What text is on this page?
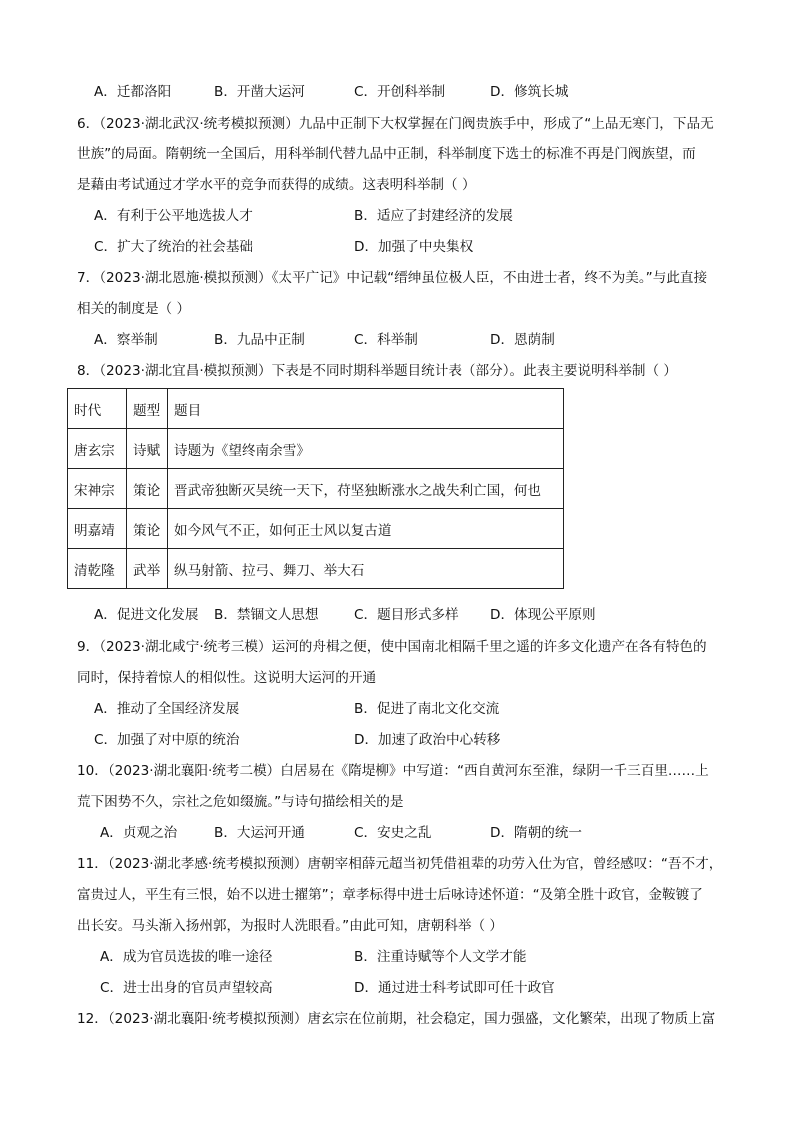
A．迁都洛阳	B．开凿大运河	C．开创科举制	D．修筑长城
6．（2023·湖北武汉·统考模拟预测）九品中正制下大权掌握在门阀贵族手中，形成了“上品无寒门，下品无
世族”的局面。隋朝统一全国后，用科举制代替九品中正制，科举制度下选士的标准不再是门阀族望，而
是藉由考试通过才学水平的竞争而获得的成绩。这表明科举制（ ）
A．有利于公平地选拔人才	B．适应了封建经济的发展
C．扩大了统治的社会基础	D．加强了中央集权
7．（2023·湖北恩施·模拟预测）《太平广记》中记载“缙绅虽位极人臣，不由进士者，终不为美。”与此直接
相关的制度是（ ）
A．察举制	B．九品中正制	C．科举制	D．恩荫制
8．（2023·湖北宜昌·模拟预测）下表是不同时期科举题目统计表（部分）。此表主要说明科举制（ ）
时代	题型	题目
唐玄宗	诗赋	诗题为《望终南余雪》
宋神宗	策论	晋武帝独断灭吴统一天下，苻坚独断涨水之战失利亡国，何也
明嘉靖	策论	如今风气不正，如何正士风以复古道
清乾隆	武举	纵马射箭、拉弓、舞刀、举大石
A．促进文化发展 B．禁锢文人思想	C．题目形式多样 D．体现公平原则
9．（2023·湖北咸宁·统考三模）运河的舟楫之便，使中国南北相隔千里之遥的许多文化遗产在各有特色的
同时，保持着惊人的相似性。这说明大运河的开通
A．推动了全国经济发展	B．促进了南北文化交流
C．加强了对中原的统治	D．加速了政治中心转移
10．（2023·湖北襄阳·统考二模）白居易在《隋堤柳》中写道：“西自黄河东至淮，绿阴一千三百里……上
荒下困势不久，宗社之危如缀旒。”与诗句描绘相关的是
A．贞观之治	B．大运河开通	C．安史之乱	D．隋朝的统一
11．（2023·湖北孝感·统考模拟预测）唐朝宰相薛元超当初凭借祖辈的功劳入仕为官，曾经感叹：“吾不才，
富贵过人，平生有三恨，始不以进士擢第”；章孝标得中进士后咏诗述怀道：“及第全胜十政官，金鞍镀了
出长安。马头渐入扬州郭，为报时人洗眼看。”由此可知，唐朝科举（ ）
A．成为官员选拔的唯一途径	B．注重诗赋等个人文学才能
C．进士出身的官员声望较高	D．通过进士科考试即可任十政官
12．（2023·湖北襄阳·统考模拟预测）唐玄宗在位前期，社会稳定，国力强盛，文化繁荣，出现了物质上富
